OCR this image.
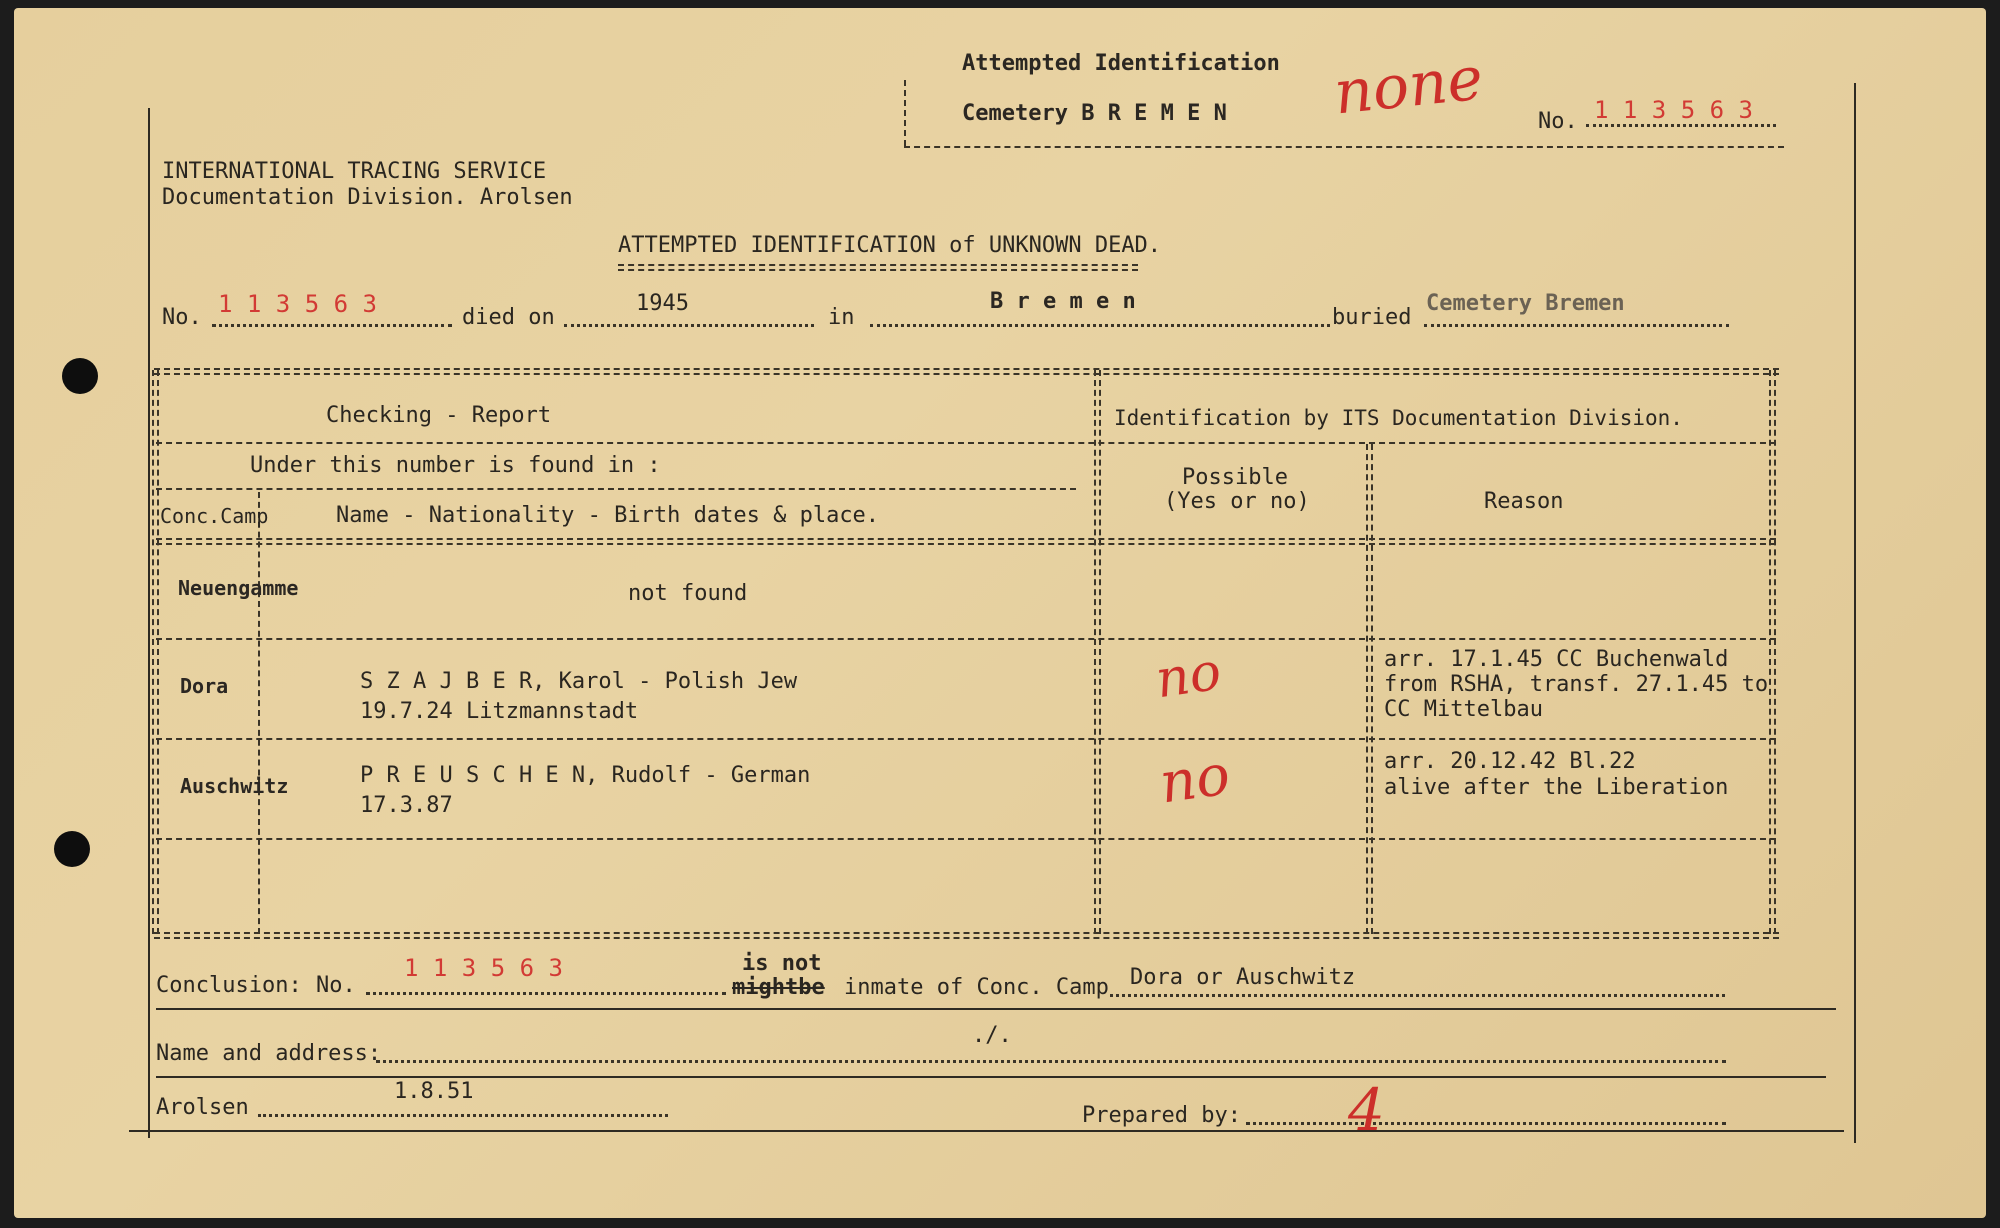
Attempted Identification
Cemetery B R E M E N none No. 1 1 3 5 6 3
INTERNATIONAL TRACING SERVICE
Documentation Division. Arolsen
ATTEMPTED IDENTIFICATION of UNKNOWN DEAD.
No. 1 1 3 5 6 3	died on
1945
in
B r e m e n
buried
Cemetery Bremen
Checking - Report	Identification by ITS Documentation Division.
Under this number is found in :
Conc.Camp	Name - Nationality - Birth dates & place.
Possible
(Yes or no)	Reason
Neuengamme	not found
Dora	S Z A J B E R, Karol - Polish Jew
19.7.24 Litzmannstadt
no	arr. 17.1.45 CC Buchenwald
from RSHA, transf. 27.1.45 to
CC Mittelbau
Auschwitz	P R E U S C H E N, Rudolf - German
17.3.87	no	arr. 20.12.42 Bl.22
alive after the Liberation
Conclusion: No.
1 1 3 5 6 3	is not
mightbe inmate of Conc. Camp Dora or Auschwitz
Name and address:
./.
Arolsen
1.8.51
Prepared by: 4
